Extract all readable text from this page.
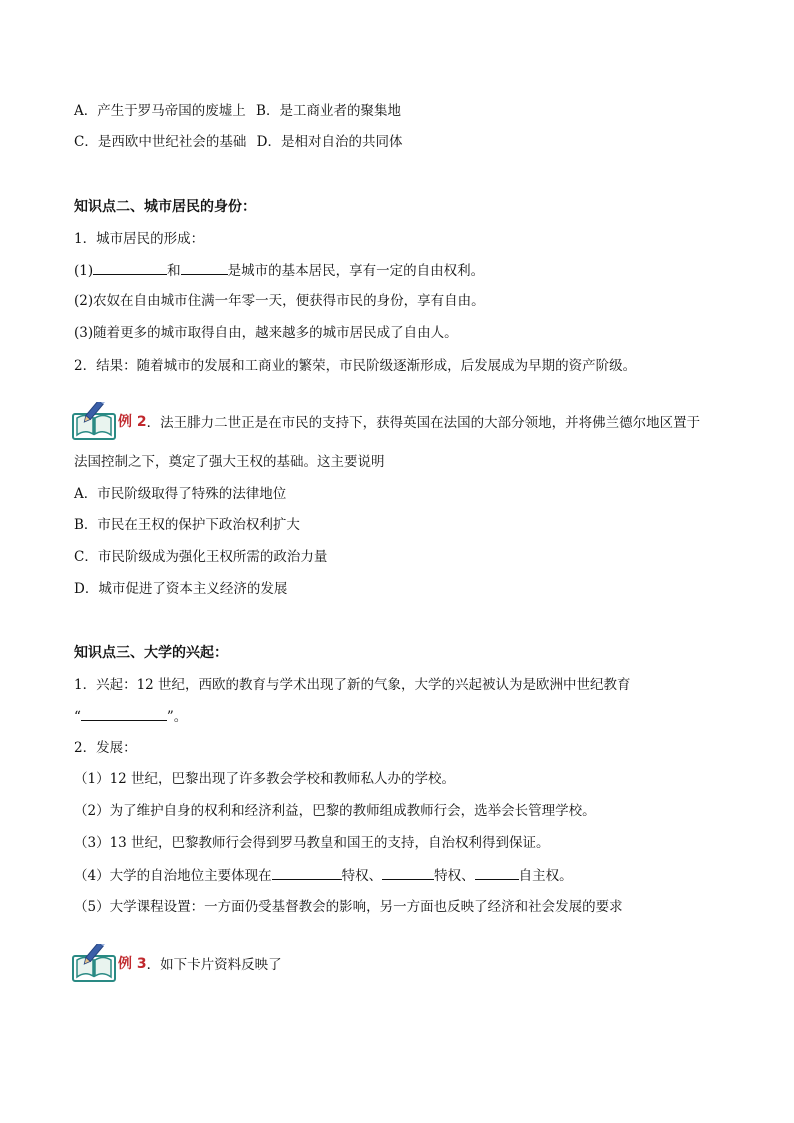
A．产生于罗马帝国的废墟上 B．是工商业者的聚集地
C．是西欧中世纪社会的基础 D．是相对自治的共同体
知识点二、城市居民的身份：
1．城市居民的形成：
(1)	和	是城市的基本居民，享有一定的自由权利。
(2)农奴在自由城市住满一年零一天，便获得市民的身份，享有自由。
(3)随着更多的城市取得自由，越来越多的城市居民成了自由人。
2．结果：随着城市的发展和工商业的繁荣，市民阶级逐渐形成，后发展成为早期的资产阶级。
例 2 ．法王腓力二世正是在市民的支持下，获得英国在法国的大部分领地，并将佛兰德尔地区置于
法国控制之下，奠定了强大王权的基础。这主要说明
A．市民阶级取得了特殊的法律地位
B．市民在王权的保护下政治权利扩大
C．市民阶级成为强化王权所需的政治力量
D．城市促进了资本主义经济的发展
知识点三、大学的兴起：
1．兴起：12 世纪，西欧的教育与学术出现了新的气象，大学的兴起被认为是欧洲中世纪教育
“	”。
2．发展：
（1）12 世纪，巴黎出现了许多教会学校和教师私人办的学校。
（2）为了维护自身的权利和经济利益，巴黎的教师组成教师行会，选举会长管理学校。
（3）13 世纪，巴黎教师行会得到罗马教皇和国王的支持，自治权利得到保证。
（4）大学的自治地位主要体现在	特权、	特权、	自主权。
（5）大学课程设置：一方面仍受基督教会的影响，另一方面也反映了经济和社会发展的要求
例 3 ．如下卡片资料反映了
